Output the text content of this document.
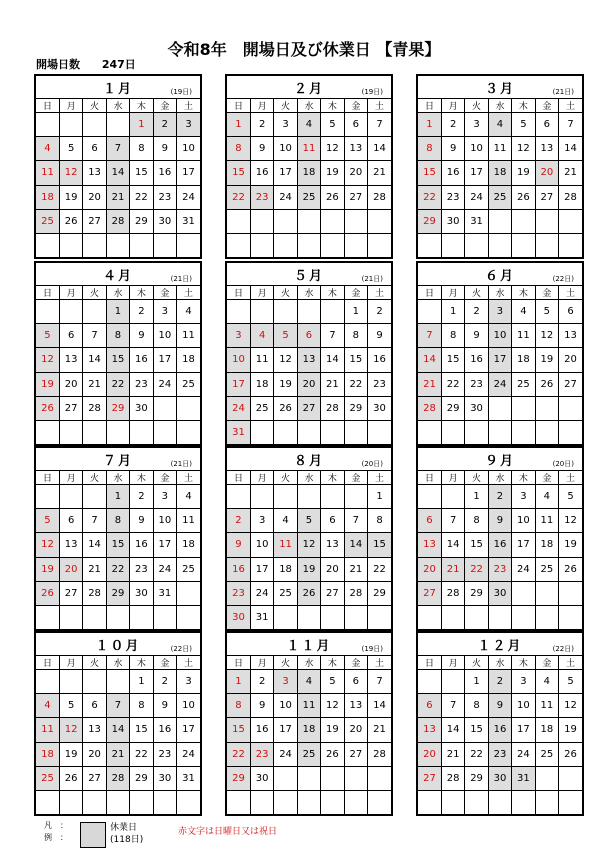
令和8年　開場日及び休業日 【青果】
開場日数 247日
１月	(19日)
日	月	火	水	木	金	土
				1	2	3
4	5	6	7	8	9	10
11	12	13	14	15	16	17
18	19	20	21	22	23	24
25	26	27	28	29	30	31

２月	(19日)
日	月	火	水	木	金	土
1	2	3	4	5	6	7
8	9	10	11	12	13	14
15	16	17	18	19	20	21
22	23	24	25	26	27	28

３月	(21日)
日	月	火	水	木	金	土
1	2	3	4	5	6	7
8	9	10	11	12	13	14
15	16	17	18	19	20	21
22	23	24	25	26	27	28
29	30	31				

４月	(21日)
日	月	火	水	木	金	土
			1	2	3	4
5	6	7	8	9	10	11
12	13	14	15	16	17	18
19	20	21	22	23	24	25
26	27	28	29	30		

５月	(21日)
日	月	火	水	木	金	土
					1	2
3	4	5	6	7	8	9
10	11	12	13	14	15	16
17	18	19	20	21	22	23
24	25	26	27	28	29	30
31						
６月	(22日)
日	月	火	水	木	金	土
	1	2	3	4	5	6
7	8	9	10	11	12	13
14	15	16	17	18	19	20
21	22	23	24	25	26	27
28	29	30				

７月	(21日)
日	月	火	水	木	金	土
			1	2	3	4
5	6	7	8	9	10	11
12	13	14	15	16	17	18
19	20	21	22	23	24	25
26	27	28	29	30	31	

８月	(20日)
日	月	火	水	木	金	土
						1
2	3	4	5	6	7	8
9	10	11	12	13	14	15
16	17	18	19	20	21	22
23	24	25	26	27	28	29
30	31					
９月	(20日)
日	月	火	水	木	金	土
		1	2	3	4	5
6	7	8	9	10	11	12
13	14	15	16	17	18	19
20	21	22	23	24	25	26
27	28	29	30			

１０月	(22日)
日	月	火	水	木	金	土
				1	2	3
4	5	6	7	8	9	10
11	12	13	14	15	16	17
18	19	20	21	22	23	24
25	26	27	28	29	30	31

１１月	(19日)
日	月	火	水	木	金	土
1	2	3	4	5	6	7
8	9	10	11	12	13	14
15	16	17	18	19	20	21
22	23	24	25	26	27	28
29	30					

１２月	(22日)
日	月	火	水	木	金	土
		1	2	3	4	5
6	7	8	9	10	11	12
13	14	15	16	17	18	19
20	21	22	23	24	25	26
27	28	29	30	31		

凡　：
例　：
休業日
(118日)
赤文字は日曜日又は祝日
